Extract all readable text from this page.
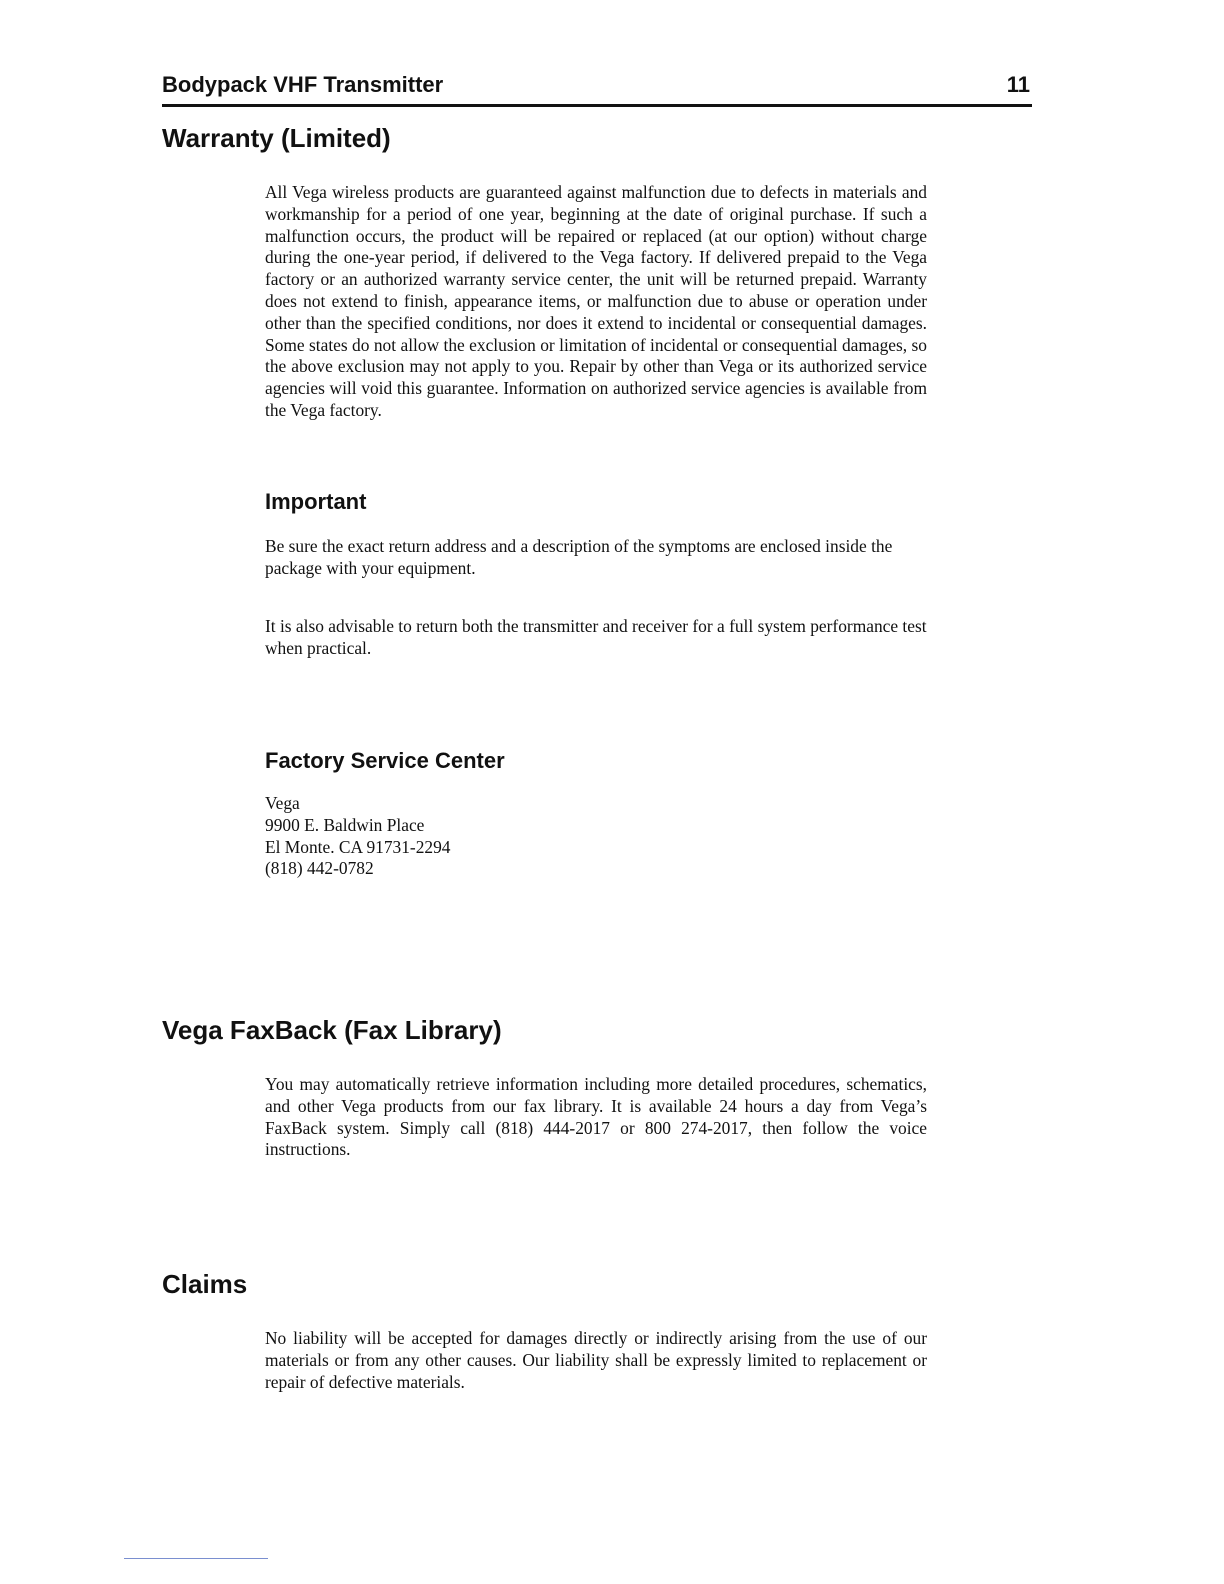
Bodypack VHF Transmitter	11
Warranty (Limited)

All Vega wireless products are guaranteed against malfunction due to defects in materials and workmanship for a period of one year, beginning at the date of original purchase. If such a malfunction occurs, the product will be repaired or replaced (at our option) without charge during the one-year period, if delivered to the Vega factory. If delivered prepaid to the Vega factory or an authorized warranty service center, the unit will be returned prepaid. Warranty does not extend to finish, appearance items, or malfunction due to abuse or operation under other than the specified conditions, nor does it extend to incidental or consequential damages. Some states do not allow the exclusion or limitation of incidental or consequential damages, so the above exclusion may not apply to you. Repair by other than Vega or its authorized service agencies will void this guarantee. Information on authorized service agencies is available from the Vega factory.

Important

Be sure the exact return address and a description of the symptoms are enclosed inside the package with your equipment.

It is also advisable to return both the transmitter and receiver for a full system performance test when practical.

Factory Service Center
Vega
9900 E. Baldwin Place
El Monte. CA 91731-2294
(818) 442-0782
Vega FaxBack (Fax Library)

You may automatically retrieve information including more detailed procedures, schematics, and other Vega products from our fax library. It is available 24 hours a day from Vega’s FaxBack system. Simply call (818) 444-2017 or 800 274-2017, then follow the voice instructions.

Claims

No liability will be accepted for damages directly or indirectly arising from the use of our materials or from any other causes. Our liability shall be expressly limited to replacement or repair of defective materials.
